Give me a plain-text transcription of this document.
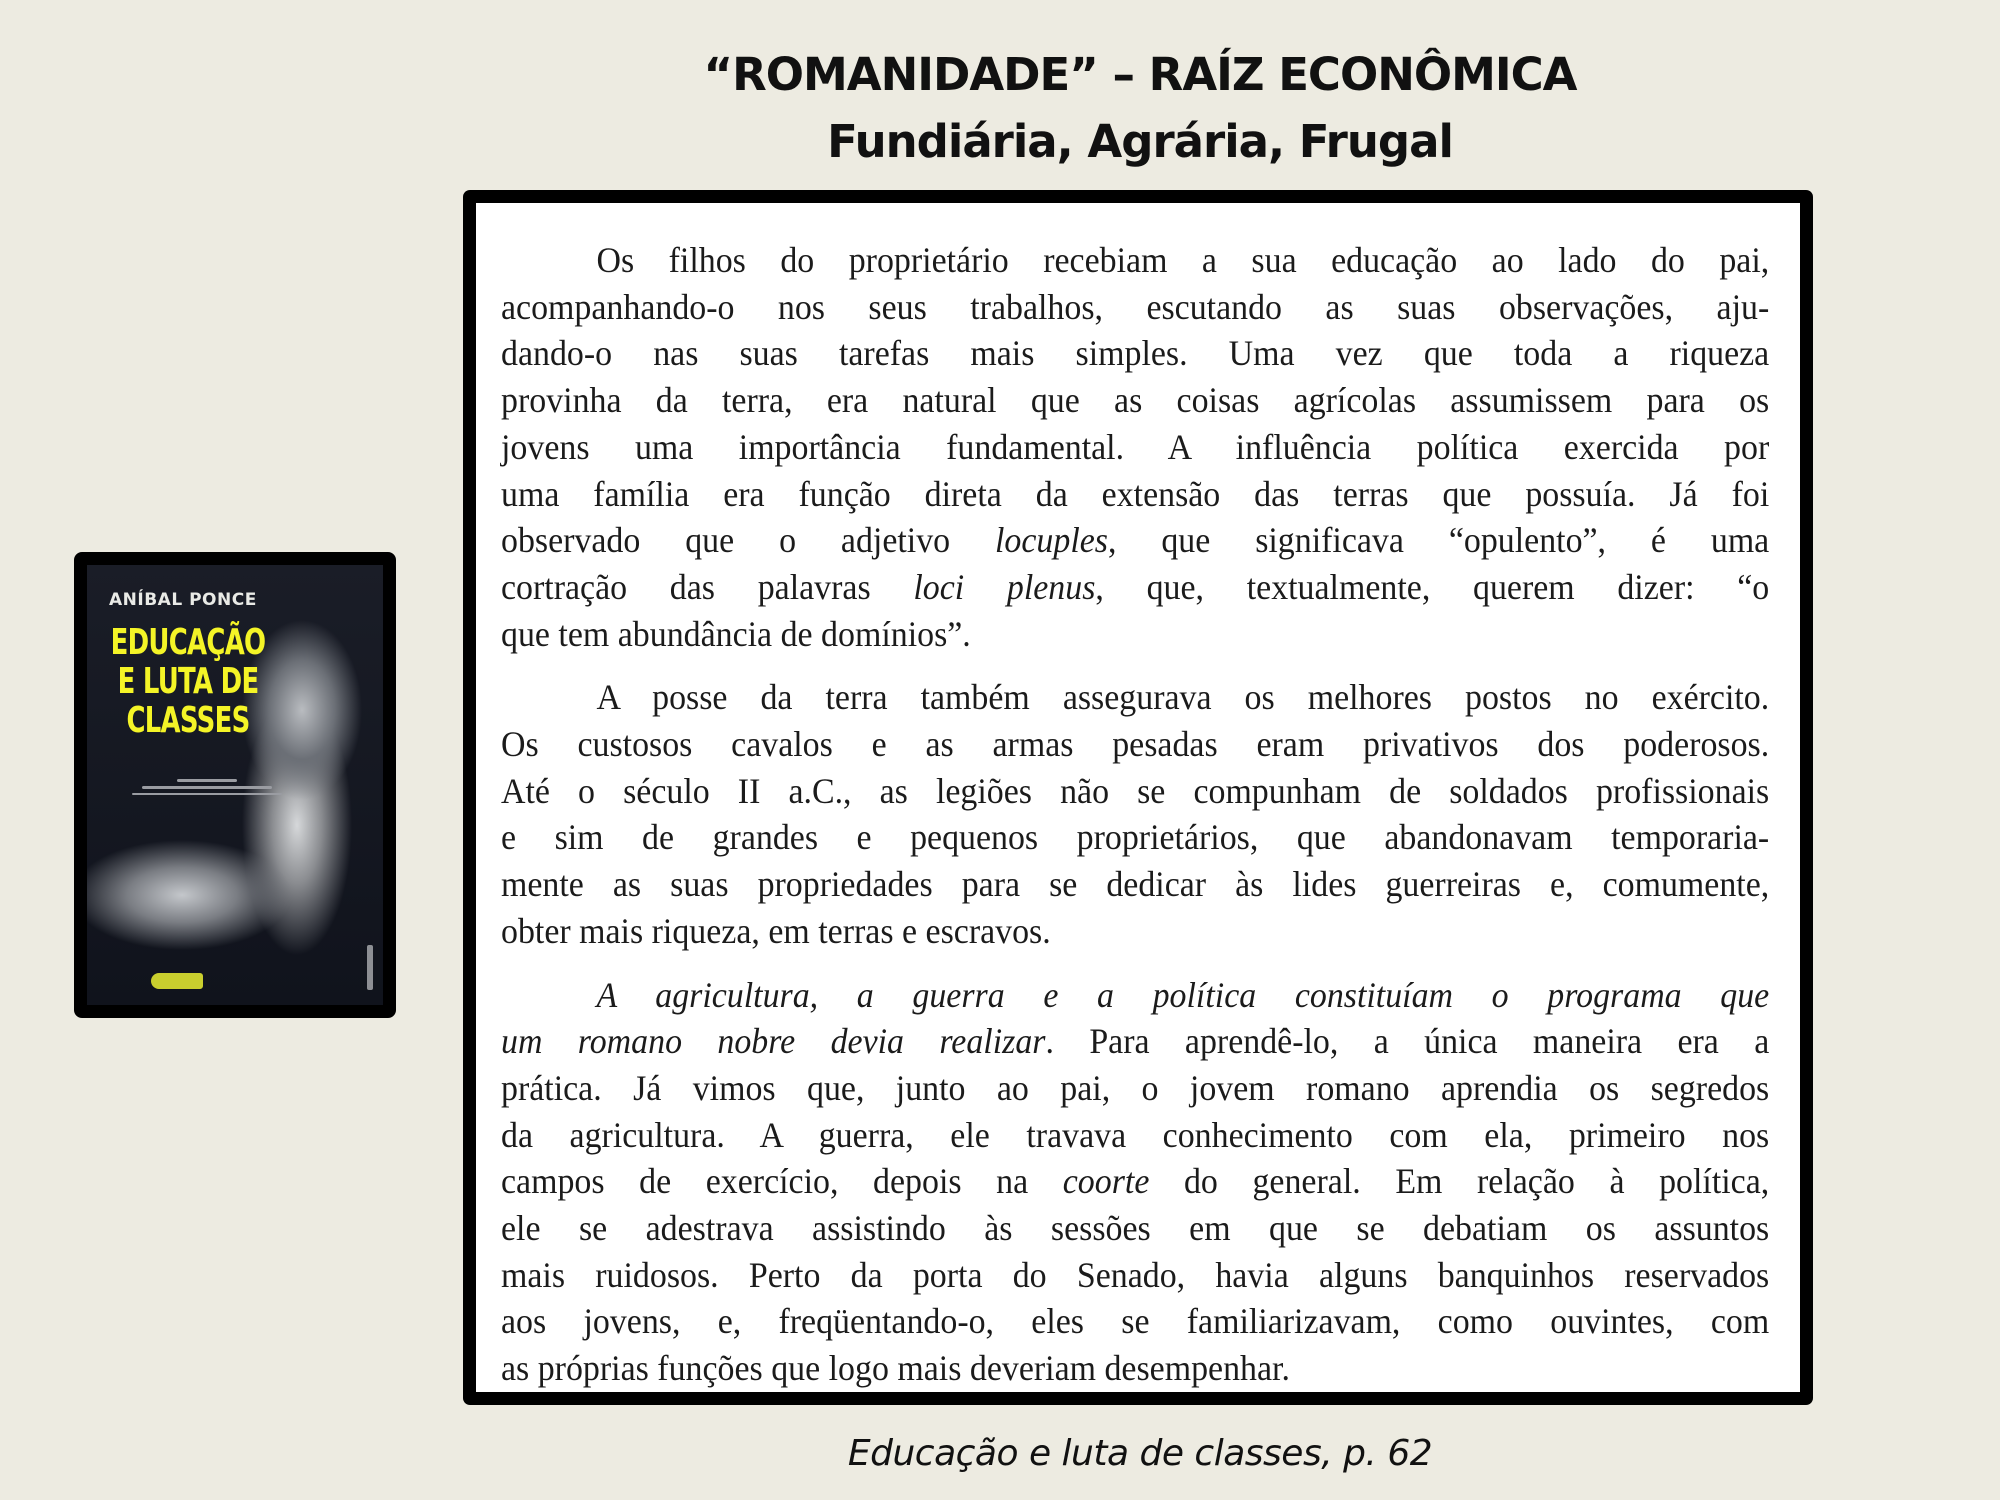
“ROMANIDADE” – RAÍZ ECONÔMICA
Fundiária, Agrária, Frugal
ANÍBAL PONCE
EDUCAÇÃO E LUTA DE CLASSES
Os filhos do proprietário recebiam a sua educação ao lado do pai,
acompanhando-o nos seus trabalhos, escutando as suas observações, aju-
dando-o nas suas tarefas mais simples. Uma vez que toda a riqueza
provinha da terra, era natural que as coisas agrícolas assumissem para os
jovens uma importância fundamental. A influência política exercida por
uma família era função direta da extensão das terras que possuía. Já foi
observado que o adjetivo locuples, que significava “opulento”, é uma
cortração das palavras loci plenus, que, textualmente, querem dizer: “o
que tem abundância de domínios”.
A posse da terra também assegurava os melhores postos no exército.
Os custosos cavalos e as armas pesadas eram privativos dos poderosos.
Até o século II a.C., as legiões não se compunham de soldados profissionais
e sim de grandes e pequenos proprietários, que abandonavam temporaria-
mente as suas propriedades para se dedicar às lides guerreiras e, comumente,
obter mais riqueza, em terras e escravos.
A agricultura, a guerra e a política constituíam o programa que
um romano nobre devia realizar. Para aprendê-lo, a única maneira era a
prática. Já vimos que, junto ao pai, o jovem romano aprendia os segredos
da agricultura. A guerra, ele travava conhecimento com ela, primeiro nos
campos de exercício, depois na coorte do general. Em relação à política,
ele se adestrava assistindo às sessões em que se debatiam os assuntos
mais ruidosos. Perto da porta do Senado, havia alguns banquinhos reservados
aos jovens, e, freqüentando-o, eles se familiarizavam, como ouvintes, com
as próprias funções que logo mais deveriam desempenhar.
Educação e luta de classes, p. 62
